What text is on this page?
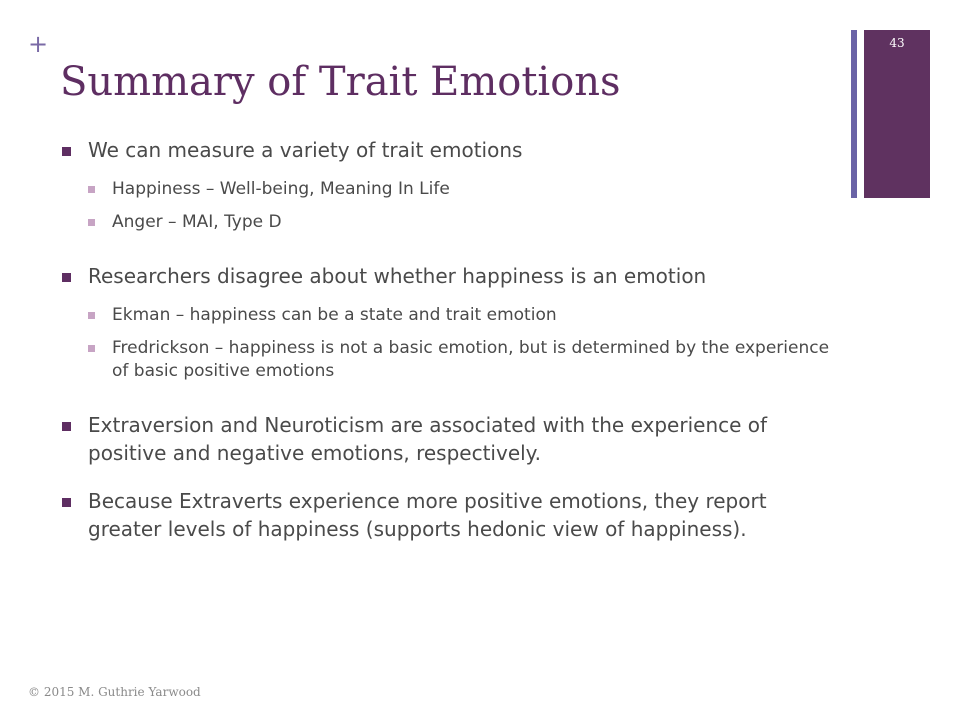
+
Summary of Trait Emotions
43
We can measure a variety of trait emotions
Happiness – Well-being, Meaning In Life
Anger – MAI, Type D
Researchers disagree about whether happiness is an emotion
Ekman – happiness can be a state and trait emotion
Fredrickson – happiness is not a basic emotion, but is determined by the experience of basic positive emotions
Extraversion and Neuroticism are associated with the experience of positive and negative emotions, respectively.
Because Extraverts experience more positive emotions, they report greater levels of happiness (supports hedonic view of happiness).
© 2015 M. Guthrie Yarwood
